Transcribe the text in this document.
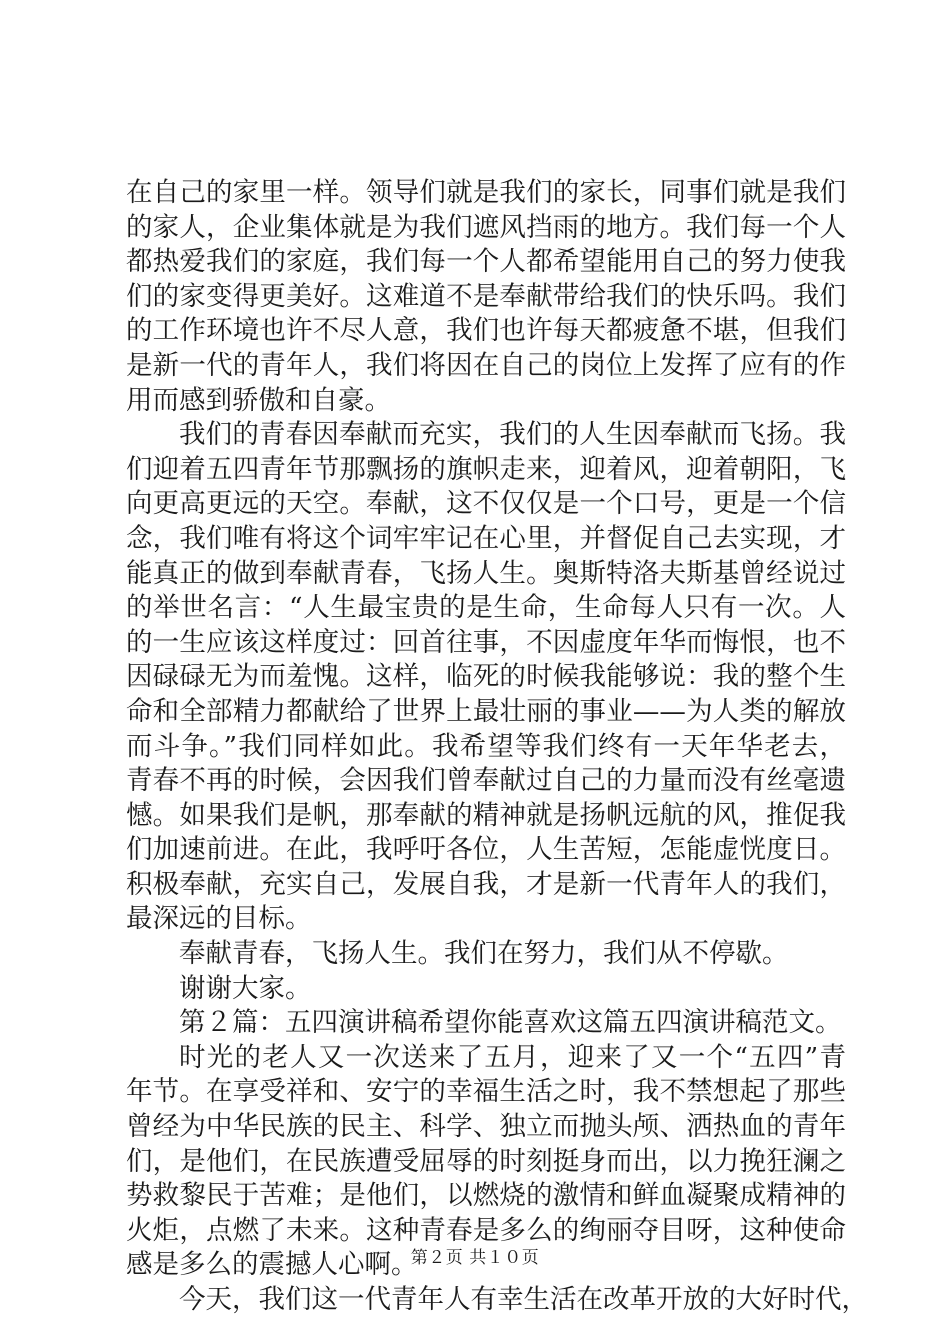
在自己的家里一样。领导们就是我们的家长，同事们就是我们
的家人，企业集体就是为我们遮风挡雨的地方。我们每一个人
都热爱我们的家庭，我们每一个人都希望能用自己的努力使我
们的家变得更美好。这难道不是奉献带给我们的快乐吗。我们
的工作环境也许不尽人意，我们也许每天都疲惫不堪，但我们
是新一代的青年人，我们将因在自己的岗位上发挥了应有的作
用而感到骄傲和自豪。
我们的青春因奉献而充实，我们的人生因奉献而飞扬。我
们迎着五四青年节那飘扬的旗帜走来，迎着风，迎着朝阳，飞
向更高更远的天空。奉献，这不仅仅是一个口号，更是一个信
念，我们唯有将这个词牢牢记在心里，并督促自己去实现，才
能真正的做到奉献青春，飞扬人生。奥斯特洛夫斯基曾经说过
的举世名言：“人生最宝贵的是生命，生命每人只有一次。人
的一生应该这样度过：回首往事，不因虚度年华而悔恨，也不
因碌碌无为而羞愧。这样，临死的时候我能够说：我的整个生
命和全部精力都献给了世界上最壮丽的事业——为人类的解放
而斗争。”我们同样如此。我希望等我们终有一天年华老去，
青春不再的时候，会因我们曾奉献过自己的力量而没有丝毫遗
憾。如果我们是帆，那奉献的精神就是扬帆远航的风，推促我
们加速前进。在此，我呼吁各位，人生苦短，怎能虚恍度日。
积极奉献，充实自己，发展自我，才是新一代青年人的我们，
最深远的目标。
奉献青春，飞扬人生。我们在努力，我们从不停歇。
谢谢大家。
第２篇：五四演讲稿希望你能喜欢这篇五四演讲稿范文。
时光的老人又一次送来了五月，迎来了又一个“五四”青
年节。在享受祥和、安宁的幸福生活之时，我不禁想起了那些
曾经为中华民族的民主、科学、独立而抛头颅、洒热血的青年
们，是他们，在民族遭受屈辱的时刻挺身而出，以力挽狂澜之
势救黎民于苦难；是他们，以燃烧的激情和鲜血凝聚成精神的
火炬，点燃了未来。这种青春是多么的绚丽夺目呀，这种使命
感是多么的震撼人心啊。
今天，我们这一代青年人有幸生活在改革开放的大好时代，
第２页 共１０页
